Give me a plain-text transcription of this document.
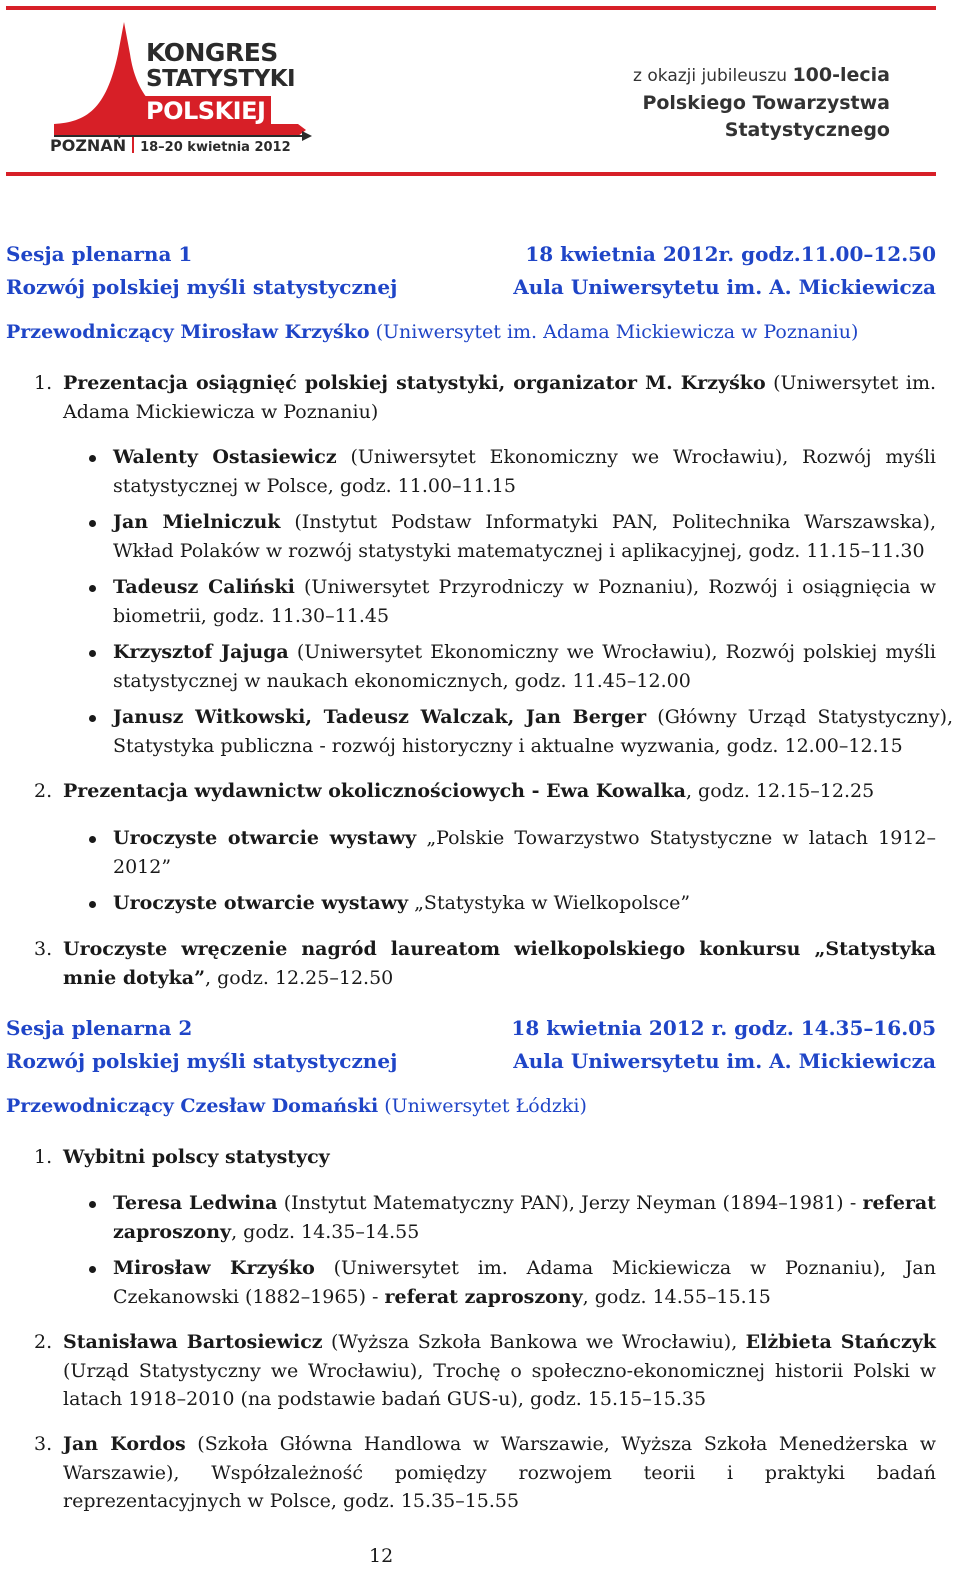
KONGRES
STATYSTYKI
POLSKIEJ
POZNAŃ 18–20 kwietnia 2012
z okazji jubileuszu 100-lecia
Polskiego Towarzystwa
Statystycznego
Sesja plenarna 1	18 kwietnia 2012r. godz.11.00–12.50
Rozwój polskiej myśli statystycznej	Aula Uniwersytetu im. A. Mickiewicza
Przewodniczący Mirosław Krzyśko (Uniwersytet im. Adama Mickiewicza w Poznaniu)
1. Prezentacja osiągnięć polskiej statystyki, organizator M. Krzyśko (Uniwersytet im. Adama Mickiewicza w Poznaniu)
Walenty Ostasiewicz (Uniwersytet Ekonomiczny we Wrocławiu), Rozwój myśli statystycznej w Polsce, godz. 11.00–11.15
Jan Mielniczuk (Instytut Podstaw Informatyki PAN, Politechnika Warszawska), Wkład Polaków w rozwój statystyki matematycznej i aplikacyjnej, godz. 11.15–11.30
Tadeusz Caliński (Uniwersytet Przyrodniczy w Poznaniu), Rozwój i osiągnięcia w biometrii, godz. 11.30–11.45
Krzysztof Jajuga (Uniwersytet Ekonomiczny we Wrocławiu), Rozwój polskiej myśli statystycznej w naukach ekonomicznych, godz. 11.45–12.00
Janusz Witkowski, Tadeusz Walczak, Jan Berger (Główny Urząd Statystyczny), Statystyka publiczna - rozwój historyczny i aktualne wyzwania, godz. 12.00–12.15
2. Prezentacja wydawnictw okolicznościowych - Ewa Kowalka, godz. 12.15–12.25
Uroczyste otwarcie wystawy „Polskie Towarzystwo Statystyczne w latach 1912–2012”
Uroczyste otwarcie wystawy „Statystyka w Wielkopolsce”
3. Uroczyste wręczenie nagród laureatom wielkopolskiego konkursu „Statystyka mnie dotyka”, godz. 12.25–12.50
Sesja plenarna 2	18 kwietnia 2012 r. godz. 14.35–16.05
Rozwój polskiej myśli statystycznej	Aula Uniwersytetu im. A. Mickiewicza
Przewodniczący Czesław Domański (Uniwersytet Łódzki)
1. Wybitni polscy statystycy
Teresa Ledwina (Instytut Matematyczny PAN), Jerzy Neyman (1894–1981) - referat zaproszony, godz. 14.35–14.55
Mirosław Krzyśko (Uniwersytet im. Adama Mickiewicza w Poznaniu), Jan Czekanowski (1882–1965) - referat zaproszony, godz. 14.55–15.15
2. Stanisława Bartosiewicz (Wyższa Szkoła Bankowa we Wrocławiu), Elżbieta Stańczyk (Urząd Statystyczny we Wrocławiu), Trochę o społeczno-ekonomicznej historii Polski w latach 1918–2010 (na podstawie badań GUS-u), godz. 15.15–15.35
3. Jan Kordos (Szkoła Główna Handlowa w Warszawie, Wyższa Szkoła Menedżerska w Warszawie), Współzależność pomiędzy rozwojem teorii i praktyki badań reprezentacyjnych w Polsce, godz. 15.35–15.55
12
